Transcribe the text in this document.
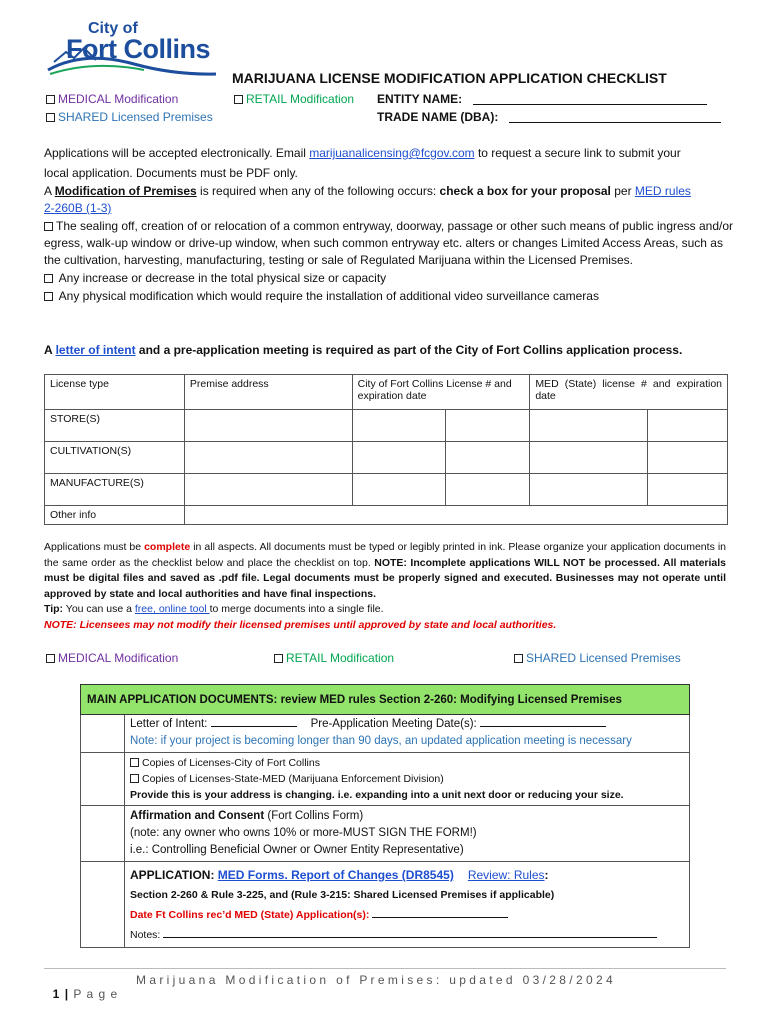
City of
Fort Collins
MARIJUANA LICENSE MODIFICATION APPLICATION CHECKLIST
MEDICAL Modification	RETAIL Modification
SHARED Licensed Premises
ENTITY NAME:
TRADE NAME (DBA):

Applications will be accepted electronically. Email marijuanalicensing@fcgov.com to request a secure link to submit your

local application. Documents must be PDF only.

A Modification of Premises is required when any of the following occurs: check a box for your proposal per MED rules

2-260B (1-3)

The sealing off, creation of or relocation of a common entryway, doorway, passage or other such means of public ingress and/or egress, walk-up window or drive-up window, when such common entryway etc. alters or changes Limited Access Areas, such as the cultivation, harvesting, manufacturing, testing or sale of Regulated Marijuana within the Licensed Premises.

Any increase or decrease in the total physical size or capacity

Any physical modification which would require the installation of additional video surveillance cameras

A letter of intent and a pre-application meeting is required as part of the City of Fort Collins application process.
License type	Premise address	City of Fort Collins License # and expiration date		MED (State) license # and expiration date	
STORE(S)					
CULTIVATION(S)					
MANUFACTURE(S)					
Other info					

Applications must be complete in all aspects. All documents must be typed or legibly printed in ink. Please organize your application documents in the same order as the checklist below and place the checklist on top. NOTE: Incomplete applications WILL NOT be processed. All materials must be digital files and saved as .pdf file. Legal documents must be properly signed and executed. Businesses may not operate until approved by state and local authorities and have final inspections.

Tip: You can use a free, online tool to merge documents into a single file.

NOTE: Licensees may not modify their licensed premises until approved by state and local authorities.

MEDICAL Modification	RETAIL Modification	SHARED Licensed Premises
MAIN APPLICATION DOCUMENTS: review MED rules Section 2-260: Modifying Licensed Premises	

	Letter of Intent: Pre-Application Meeting Date(s):
Note: if your project is becoming longer than 90 days, an updated application meeting is necessary

	Copies of Licenses-City of Fort Collins
Copies of Licenses-State-MED (Marijuana Enforcement Division)
Provide this is your address is changing. i.e. expanding into a unit next door or reducing your size.

	Affirmation and Consent (Fort Collins Form)
(note: any owner who owns 10% or more-MUST SIGN THE FORM!)
i.e.: Controlling Beneficial Owner or Owner Entity Representative)

	APPLICATION: MED Forms. Report of Changes (DR8545) Review: Rules:
Section 2-260 & Rule 3-225, and (Rule 3-215: Shared Licensed Premises if applicable)
Date Ft Collins rec’d MED (State) Application(s):
Notes:

1 | P a g e

M a r i j u a n a   M o d i f i c a t i o n   o f   P r e m i s e s :   u p d a t e d   0 3 / 2 8 / 2 0 2 4
